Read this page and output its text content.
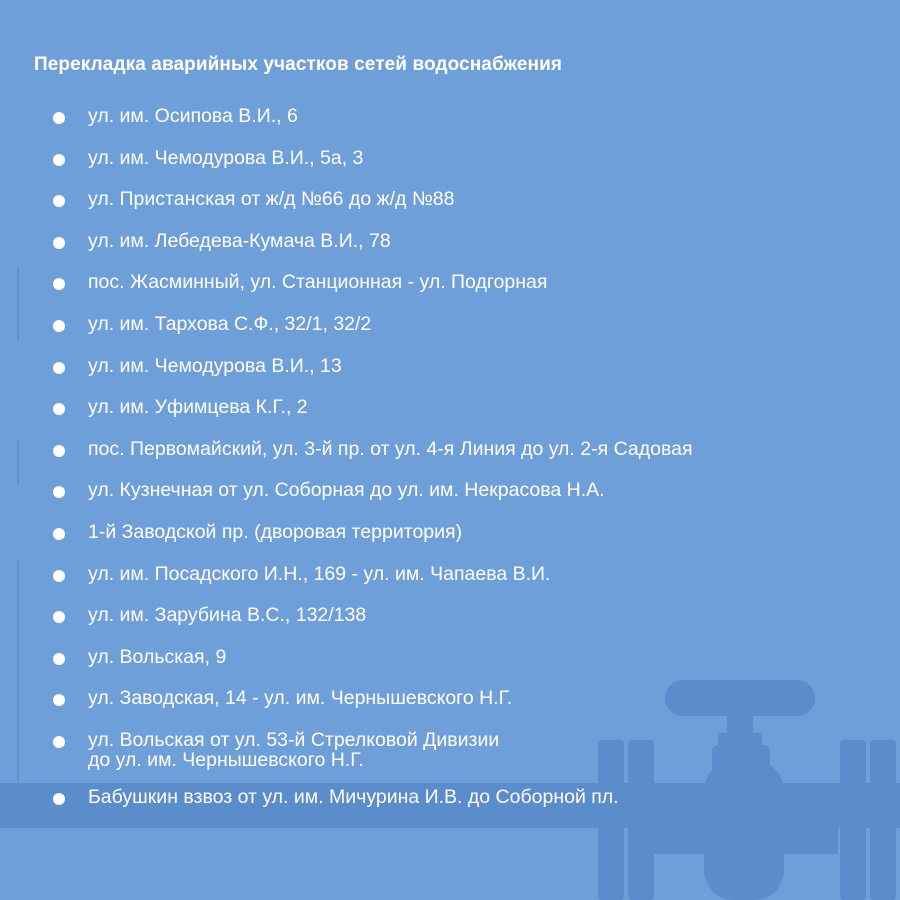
Перекладка аварийных участков сетей водоснабжения
ул. им. Осипова В.И., 6
ул. им. Чемодурова В.И., 5а, 3
ул. Пристанская от ж/д №66 до ж/д №88
ул. им. Лебедева-Кумача В.И., 78
пос. Жасминный, ул. Станционная - ул. Подгорная
ул. им. Тархова С.Ф., 32/1, 32/2
ул. им. Чемодурова В.И., 13
ул. им. Уфимцева К.Г., 2
пос. Первомайский, ул. 3-й пр. от ул. 4-я Линия до ул. 2-я Садовая
ул. Кузнечная от ул. Соборная до ул. им. Некрасова Н.А.
1-й Заводской пр. (дворовая территория)
ул. им. Посадского И.Н., 169 - ул. им. Чапаева В.И.
ул. им. Зарубина В.С., 132/138
ул. Вольская, 9
ул. Заводская, 14 - ул. им. Чернышевского Н.Г.
ул. Вольская от ул. 53-й Стрелковой Дивизии
до ул. им. Чернышевского Н.Г.
Бабушкин взвоз от ул. им. Мичурина И.В. до Соборной пл.
